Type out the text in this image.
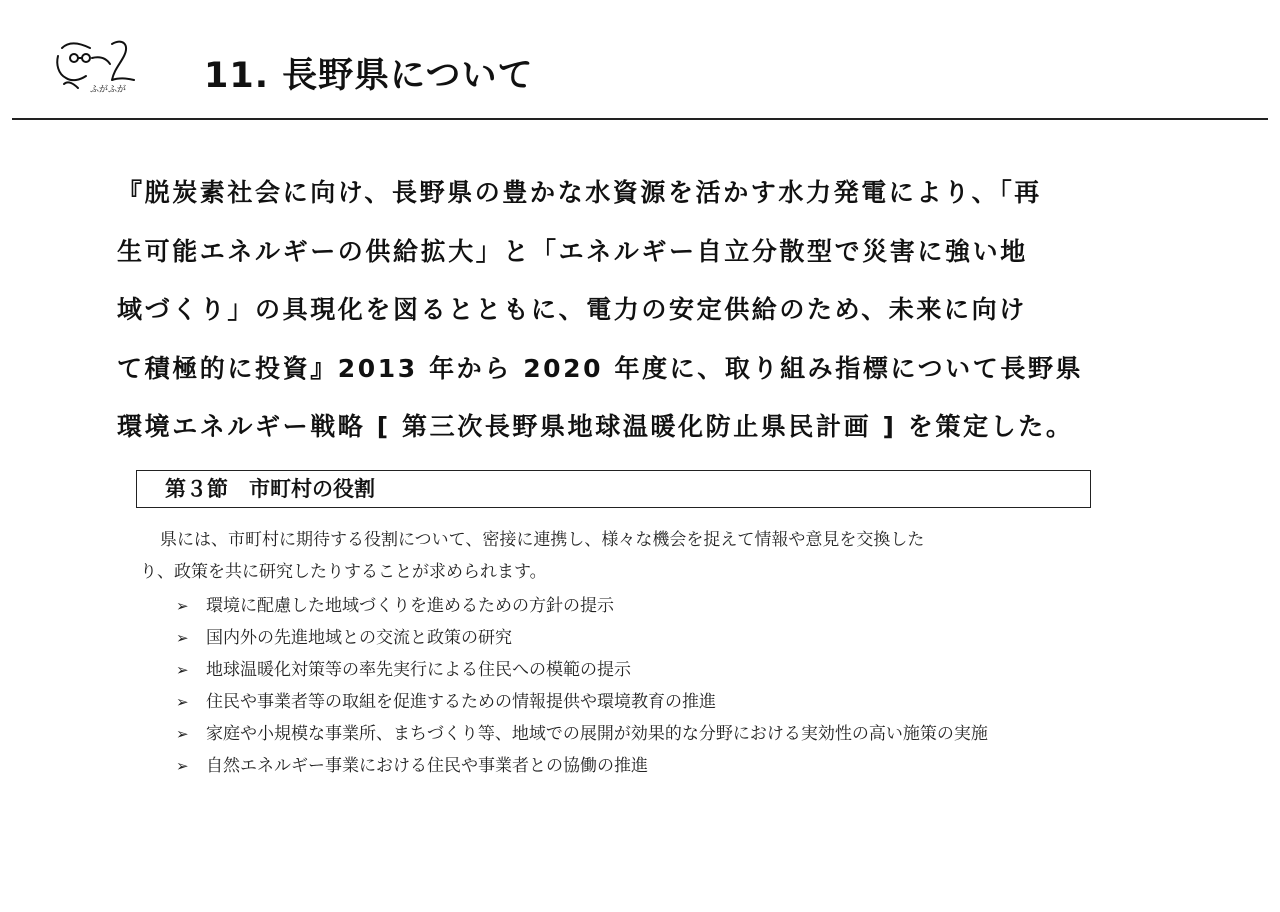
ふがふが 11. 長野県について
『脱炭素社会に向け、長野県の豊かな水資源を活かす水力発電により、「再
生可能エネルギーの供給拡大」と「エネルギー自立分散型で災害に強い地
域づくり」の具現化を図るとともに、電力の安定供給のため、未来に向け
て積極的に投資』2013 年から 2020 年度に、取り組み指標について長野県
環境エネルギー戦略 [ 第三次長野県地球温暖化防止県民計画 ] を策定した。
第３節　市町村の役割
県には、市町村に期待する役割について、密接に連携し、様々な機会を捉えて情報や意見を交換した
り、政策を共に研究したりすることが求められます。
➢	環境に配慮した地域づくりを進めるための方針の提示
➢	国内外の先進地域との交流と政策の研究
➢	地球温暖化対策等の率先実行による住民への模範の提示
➢	住民や事業者等の取組を促進するための情報提供や環境教育の推進
➢	家庭や小規模な事業所、まちづくり等、地域での展開が効果的な分野における実効性の高い施策の実施
➢	自然エネルギー事業における住民や事業者との協働の推進
